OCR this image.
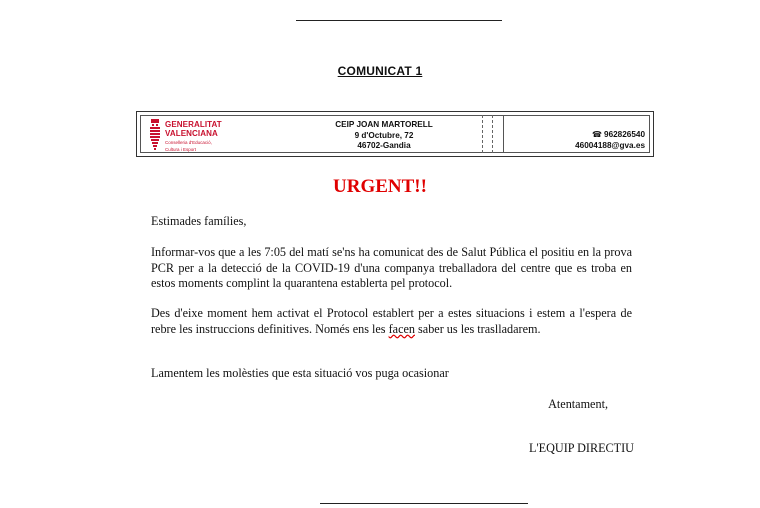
COMUNICAT 1
GENERALITAT
VALENCIANA
Conselleria d'Educació,
Cultura i Esport
CEIP JOAN MARTORELL
9 d'Octubre, 72
46702-Gandia
☎ 962826540
46004188@gva.es
URGENT!!
Estimades famílies,
Informar-vos que a les 7:05 del matí se'ns ha comunicat des de Salut Pública el positiu en la prova PCR per a la detecció de la COVID-19 d'una companya treballadora del centre que es troba en estos moments complint la quarantena establerta pel protocol.
Des d'eixe moment hem activat el Protocol establert per a estes situacions i estem a l'espera de rebre les instruccions definitives. Només ens les facen saber us les traslladarem.
Lamentem les molèsties que esta situació vos puga ocasionar
Atentament,
L'EQUIP DIRECTIU
